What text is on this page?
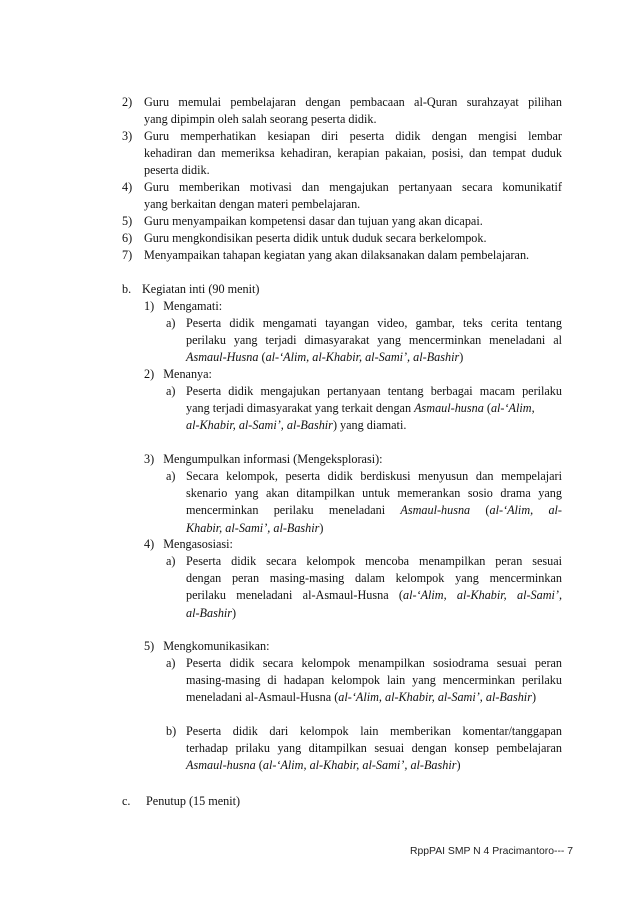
2) Guru memulai pembelajaran dengan pembacaan al-Quran surahzayat pilihan
yang dipimpin oleh salah seorang peserta didik.
3) Guru memperhatikan kesiapan diri peserta didik dengan mengisi lembar
kehadiran dan memeriksa kehadiran, kerapian pakaian, posisi, dan tempat duduk
peserta didik.
4) Guru memberikan motivasi dan mengajukan pertanyaan secara komunikatif
yang berkaitan dengan materi pembelajaran.
5) Guru menyampaikan kompetensi dasar dan tujuan yang akan dicapai.
6) Guru mengkondisikan peserta didik untuk duduk secara berkelompok.
7) Menyampaikan tahapan kegiatan yang akan dilaksanakan dalam pembelajaran.
b. Kegiatan inti (90 menit)
1) Mengamati:
a) Peserta didik mengamati tayangan video, gambar, teks cerita tentang
perilaku yang terjadi dimasyarakat yang mencerminkan meneladani al
Asmaul-Husna (al-‘Alim, al-Khabir, al-Sami’, al-Bashir)
2) Menanya:
a) Peserta didik mengajukan pertanyaan tentang berbagai macam perilaku
yang terjadi dimasyarakat yang terkait dengan Asmaul-husna (al-‘Alim,
al-Khabir, al-Sami’, al-Bashir) yang diamati.
3) Mengumpulkan informasi (Mengeksplorasi):
a) Secara kelompok, peserta didik berdiskusi menyusun dan mempelajari
skenario yang akan ditampilkan untuk memerankan sosio drama yang
mencerminkan perilaku meneladani Asmaul-husna (al-‘Alim, al-
Khabir, al-Sami’, al-Bashir)
4) Mengasosiasi:
a) Peserta didik secara kelompok mencoba menampilkan peran sesuai
dengan peran masing-masing dalam kelompok yang mencerminkan
perilaku meneladani al-Asmaul-Husna (al-‘Alim, al-Khabir, al-Sami’,
al-Bashir)
5) Mengkomunikasikan:
a) Peserta didik secara kelompok menampilkan sosiodrama sesuai peran
masing-masing di hadapan kelompok lain yang mencerminkan perilaku
meneladani al-Asmaul-Husna (al-‘Alim, al-Khabir, al-Sami’, al-Bashir)
b) Peserta didik dari kelompok lain memberikan komentar/tanggapan
terhadap prilaku yang ditampilkan sesuai dengan konsep pembelajaran
Asmaul-husna (al-‘Alim, al-Khabir, al-Sami’, al-Bashir)
c. Penutup (15 menit)
RppPAI SMP N 4 Pracimantoro--- 7
